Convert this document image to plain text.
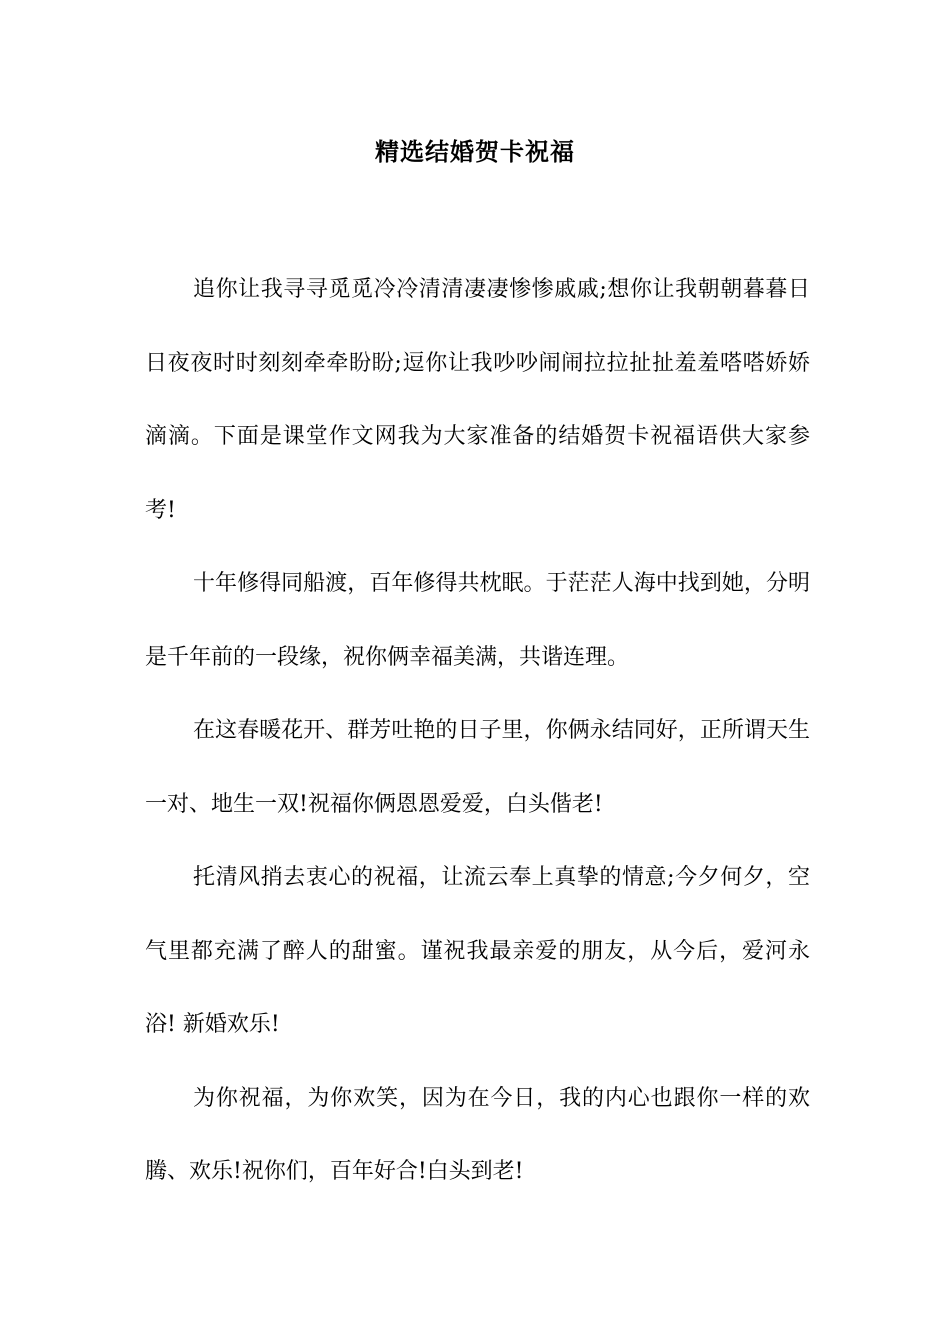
精选结婚贺卡祝福

追你让我寻寻觅觅冷冷清清凄凄惨惨戚戚;想你让我朝朝暮暮日日夜夜时时刻刻牵牵盼盼;逗你让我吵吵闹闹拉拉扯扯羞羞嗒嗒娇娇滴滴。下面是课堂作文网我为大家准备的结婚贺卡祝福语供大家参考!

十年修得同船渡，百年修得共枕眠。于茫茫人海中找到她，分明是千年前的一段缘，祝你俩幸福美满，共谐连理。

在这春暖花开、群芳吐艳的日子里，你俩永结同好，正所谓天生一对、地生一双!祝福你俩恩恩爱爱，白头偕老!

托清风捎去衷心的祝福，让流云奉上真挚的情意;今夕何夕，空气里都充满了醉人的甜蜜。谨祝我最亲爱的朋友，从今后，爱河永浴! 新婚欢乐!

为你祝福，为你欢笑，因为在今日，我的内心也跟你一样的欢腾、欢乐!祝你们，百年好合!白头到老!
